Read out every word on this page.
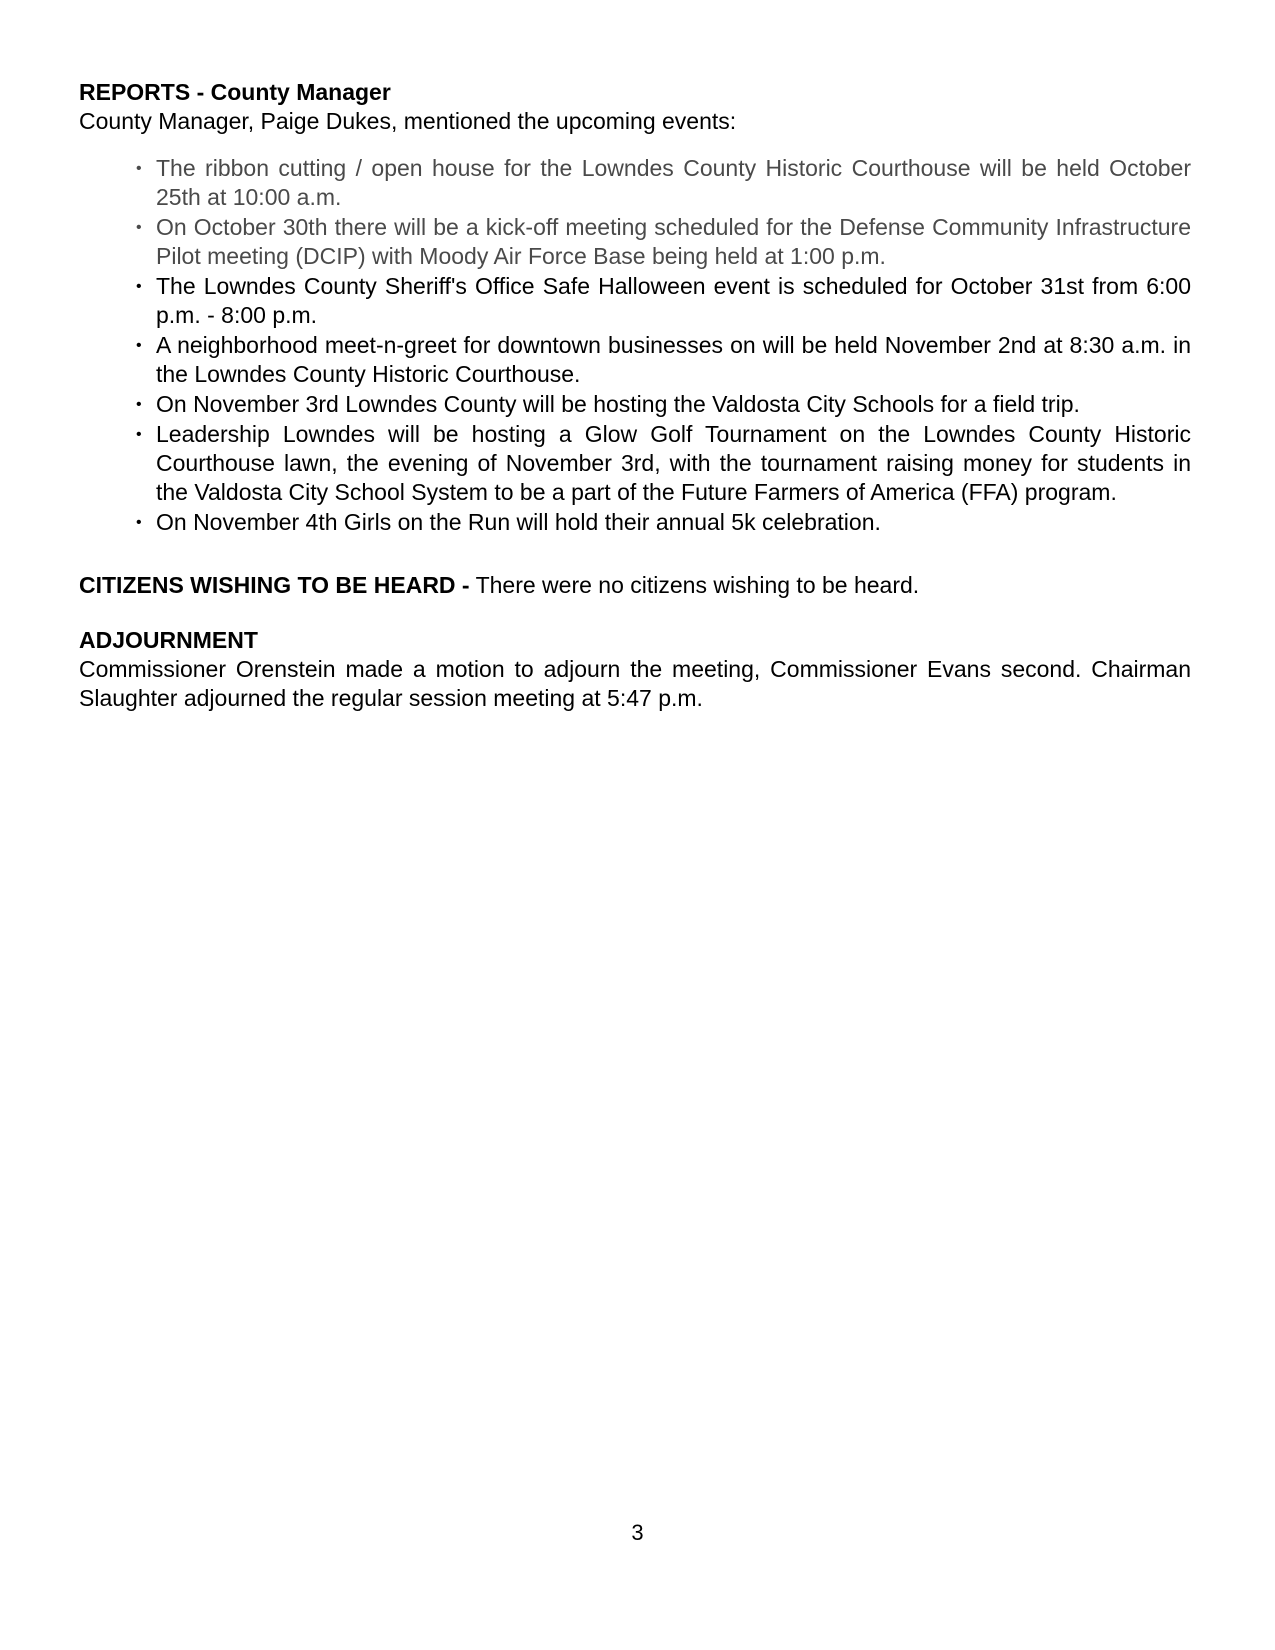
REPORTS - County Manager

County Manager, Paige Dukes, mentioned the upcoming events:

• The ribbon cutting / open house for the Lowndes County Historic Courthouse will be held October 25th at 10:00 a.m.
• On October 30th there will be a kick-off meeting scheduled for the Defense Community Infrastructure Pilot meeting (DCIP) with Moody Air Force Base being held at 1:00 p.m.
• The Lowndes County Sheriff's Office Safe Halloween event is scheduled for October 31st from 6:00 p.m. - 8:00 p.m.
• A neighborhood meet-n-greet for downtown businesses on will be held November 2nd at 8:30 a.m. in the Lowndes County Historic Courthouse.
• On November 3rd Lowndes County will be hosting the Valdosta City Schools for a field trip.
• Leadership Lowndes will be hosting a Glow Golf Tournament on the Lowndes County Historic Courthouse lawn, the evening of November 3rd, with the tournament raising money for students in the Valdosta City School System to be a part of the Future Farmers of America (FFA) program.
• On November 4th Girls on the Run will hold their annual 5k celebration.

CITIZENS WISHING TO BE HEARD - There were no citizens wishing to be heard.

ADJOURNMENT

Commissioner Orenstein made a motion to adjourn the meeting, Commissioner Evans second. Chairman Slaughter adjourned the regular session meeting at 5:47 p.m.

3
